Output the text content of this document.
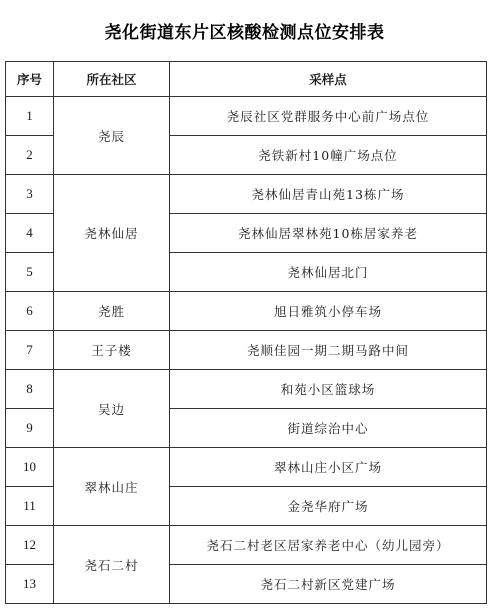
尧化街道东片区核酸检测点位安排表
序号	所在社区	采样点
1	尧辰	尧辰社区党群服务中心前广场点位
2		尧铁新村10幢广场点位
3	尧林仙居	尧林仙居青山苑13栋广场
4		尧林仙居翠林苑10栋居家养老
5		尧林仙居北门
6	尧胜	旭日雅筑小停车场
7	王子楼	尧顺佳园一期二期马路中间
8	吴边	和苑小区篮球场
9		街道综治中心
10	翠林山庄	翠林山庄小区广场
11		金尧华府广场
12	尧石二村	尧石二村老区居家养老中心（幼儿园旁）
13		尧石二村新区党建广场
